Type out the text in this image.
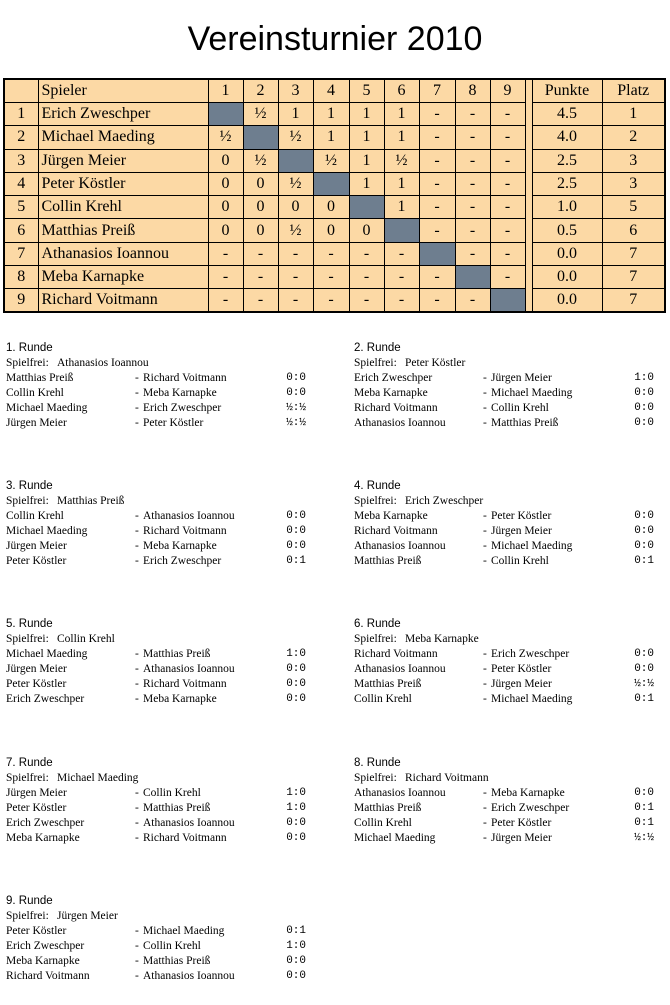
Vereinsturnier 2010
	Spieler	1	2	3	4	5	6	7	8	9		Punkte	Platz
1	Erich Zweschper		½	1	1	1	1	-	-	-		4.5	1
2	Michael Maeding	½		½	1	1	1	-	-	-		4.0	2
3	Jürgen Meier	0	½		½	1	½	-	-	-		2.5	3
4	Peter Köstler	0	0	½		1	1	-	-	-		2.5	3
5	Collin Krehl	0	0	0	0		1	-	-	-		1.0	5
6	Matthias Preiß	0	0	½	0	0		-	-	-		0.5	6
7	Athanasios Ioannou	-	-	-	-	-	-		-	-		0.0	7
8	Meba Karnapke	-	-	-	-	-	-	-		-		0.0	7
9	Richard Voitmann	-	-	-	-	-	-	-	-			0.0	7
1. Runde
Spielfrei: Athanasios Ioannou
Matthias Preiß	- Richard Voitmann	0:0
Collin Krehl	- Meba Karnapke	0:0
Michael Maeding	- Erich Zweschper	½:½
Jürgen Meier	- Peter Köstler	½:½
2. Runde
Spielfrei: Peter Köstler
Erich Zweschper	- Jürgen Meier	1:0
Meba Karnapke	- Michael Maeding	0:0
Richard Voitmann	- Collin Krehl	0:0
Athanasios Ioannou	- Matthias Preiß	0:0
3. Runde
Spielfrei: Matthias Preiß
Collin Krehl	- Athanasios Ioannou	0:0
Michael Maeding	- Richard Voitmann	0:0
Jürgen Meier	- Meba Karnapke	0:0
Peter Köstler	- Erich Zweschper	0:1
4. Runde
Spielfrei: Erich Zweschper
Meba Karnapke	- Peter Köstler	0:0
Richard Voitmann	- Jürgen Meier	0:0
Athanasios Ioannou	- Michael Maeding	0:0
Matthias Preiß	- Collin Krehl	0:1
5. Runde
Spielfrei: Collin Krehl
Michael Maeding	- Matthias Preiß	1:0
Jürgen Meier	- Athanasios Ioannou	0:0
Peter Köstler	- Richard Voitmann	0:0
Erich Zweschper	- Meba Karnapke	0:0
6. Runde
Spielfrei: Meba Karnapke
Richard Voitmann	- Erich Zweschper	0:0
Athanasios Ioannou	- Peter Köstler	0:0
Matthias Preiß	- Jürgen Meier	½:½
Collin Krehl	- Michael Maeding	0:1
7. Runde
Spielfrei: Michael Maeding
Jürgen Meier	- Collin Krehl	1:0
Peter Köstler	- Matthias Preiß	1:0
Erich Zweschper	- Athanasios Ioannou	0:0
Meba Karnapke	- Richard Voitmann	0:0
8. Runde
Spielfrei: Richard Voitmann
Athanasios Ioannou	- Meba Karnapke	0:0
Matthias Preiß	- Erich Zweschper	0:1
Collin Krehl	- Peter Köstler	0:1
Michael Maeding	- Jürgen Meier	½:½
9. Runde
Spielfrei: Jürgen Meier
Peter Köstler	- Michael Maeding	0:1
Erich Zweschper	- Collin Krehl	1:0
Meba Karnapke	- Matthias Preiß	0:0
Richard Voitmann	- Athanasios Ioannou	0:0
